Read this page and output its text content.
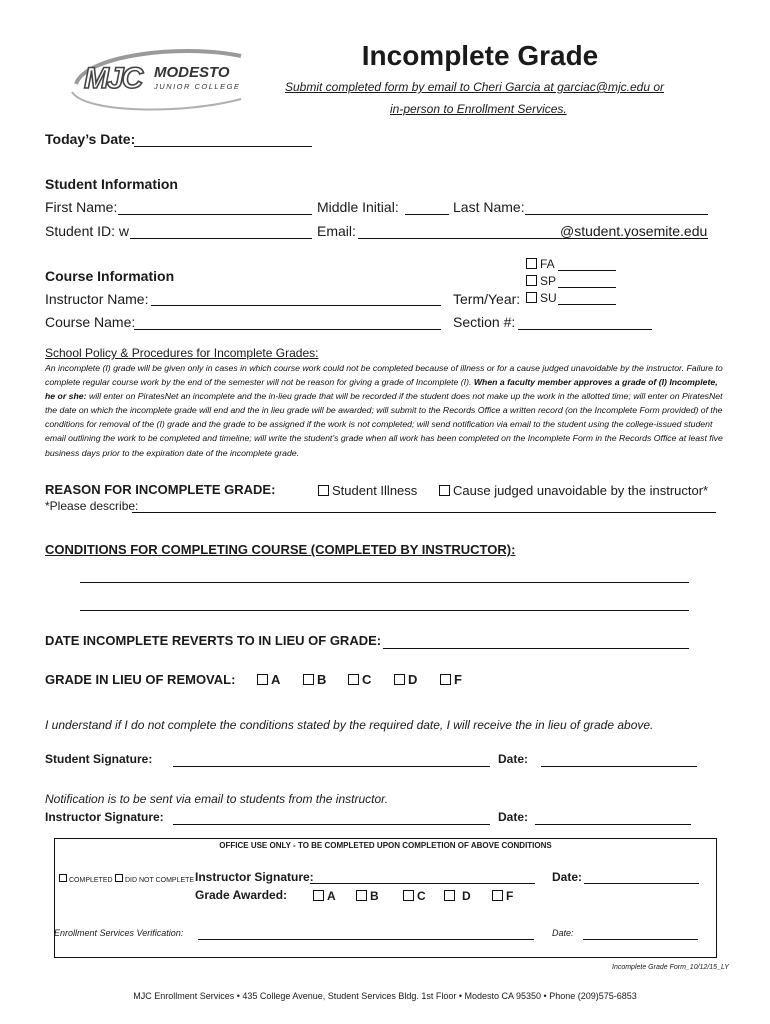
MJC MODESTO
JUNIOR COLLEGE
Incomplete Grade
Submit completed form by email to Cheri Garcia at garciac@mjc.edu or
in-person to Enrollment Services.
Today’s Date:
Student Information
First Name:	Middle Initial:	Last Name:
Student ID: w	Email:	@student.yosemite.edu
FA
SP
SU
Course Information
Instructor Name:	Term/Year:
Course Name:	Section #:
School Policy & Procedures for Incomplete Grades:
An incomplete (I) grade will be given only in cases in which course work could not be completed because of illness or for a cause judged unavoidable by the instructor. Failure to complete regular course work by the end of the semester will not be reason for giving a grade of Incomplete (I). When a faculty member approves a grade of (I) Incomplete, he or she: will enter on PiratesNet an incomplete and the in-lieu grade that will be recorded if the student does not make up the work in the allotted time; will enter on PiratesNet the date on which the incomplete grade will end and the in lieu grade will be awarded; will submit to the Records Office a written record (on the Incomplete Form provided) of the conditions for removal of the (I) grade and the grade to be assigned if the work is not completed; will send notification via email to the student using the college-issued student email outlining the work to be completed and timeline; will write the student’s grade when all work has been completed on the Incomplete Form in the Records Office at least five business days prior to the expiration date of the incomplete grade.
REASON FOR INCOMPLETE GRADE:	Student Illness	Cause judged unavoidable by the instructor*
*Please describe:
CONDITIONS FOR COMPLETING COURSE (COMPLETED BY INSTRUCTOR):
DATE INCOMPLETE REVERTS TO IN LIEU OF GRADE:
GRADE IN LIEU OF REMOVAL:	A	B	C	D	F
I understand if I do not complete the conditions stated by the required date, I will receive the in lieu of grade above.
Student Signature:	Date:
Notification is to be sent via email to students from the instructor.
Instructor Signature:	Date:
OFFICE USE ONLY - TO BE COMPLETED UPON COMPLETION OF ABOVE CONDITIONS
COMPLETED	DID NOT COMPLETE Instructor Signature:	Date:
Grade Awarded:	A	B	C	D	F
Enrollment Services Verification:	Date:
Incomplete Grade Form_10/12/15_LY
MJC Enrollment Services • 435 College Avenue, Student Services Bldg. 1st Floor • Modesto CA 95350 • Phone (209)575-6853
